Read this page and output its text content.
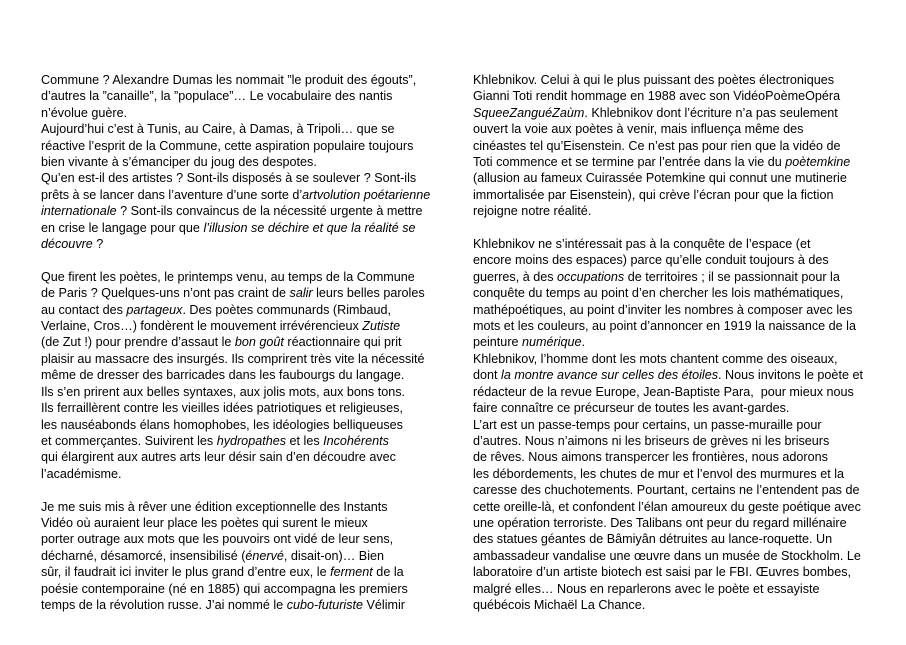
Commune ? Alexandre Dumas les nommait ”le produit des égouts”,
d’autres la ”canaille”, la ”populace”… Le vocabulaire des nantis
n’évolue guère.
Aujourd’hui c’est à Tunis, au Caire, à Damas, à Tripoli… que se
réactive l’esprit de la Commune, cette aspiration populaire toujours
bien vivante à s’émanciper du joug des despotes.
Qu’en est-il des artistes ? Sont-ils disposés à se soulever ? Sont-ils
prêts à se lancer dans l’aventure d’une sorte d’artvolution poétarienne
internationale ? Sont-ils convaincus de la nécessité urgente à mettre
en crise le langage pour que l’illusion se déchire et que la réalité se
découvre ?
Que firent les poètes, le printemps venu, au temps de la Commune
de Paris ? Quelques-uns n’ont pas craint de salir leurs belles paroles
au contact des partageux. Des poètes communards (Rimbaud,
Verlaine, Cros…) fondèrent le mouvement irrévérencieux Zutiste
(de Zut !) pour prendre d’assaut le bon goût réactionnaire qui prit
plaisir au massacre des insurgés. Ils comprirent très vite la nécessité
même de dresser des barricades dans les faubourgs du langage.
Ils s’en prirent aux belles syntaxes, aux jolis mots, aux bons tons.
Ils ferraillèrent contre les vieilles idées patriotiques et religieuses,
les nauséabonds élans homophobes, les idéologies belliqueuses
et commerçantes. Suivirent les hydropathes et les Incohérents
qui élargirent aux autres arts leur désir sain d’en découdre avec
l’académisme.
Je me suis mis à rêver une édition exceptionnelle des Instants
Vidéo où auraient leur place les poètes qui surent le mieux
porter outrage aux mots que les pouvoirs ont vidé de leur sens,
décharné, désamorcé, insensibilisé (énervé, disait-on)… Bien
sûr, il faudrait ici inviter le plus grand d’entre eux, le ferment de la
poésie contemporaine (né en 1885) qui accompagna les premiers
temps de la révolution russe. J’ai nommé le cubo-futuriste Vélimir
Khlebnikov. Celui à qui le plus puissant des poètes électroniques
Gianni Toti rendit hommage en 1988 avec son VidéoPoèmeOpéra
SqueeZanguéZaùm. Khlebnikov dont l’écriture n’a pas seulement
ouvert la voie aux poètes à venir, mais influença même des
cinéastes tel qu’Eisenstein. Ce n’est pas pour rien que la vidéo de
Toti commence et se termine par l’entrée dans la vie du poètemkine
(allusion au fameux Cuirassée Potemkine qui connut une mutinerie
immortalisée par Eisenstein), qui crève l’écran pour que la fiction
rejoigne notre réalité.
Khlebnikov ne s’intéressait pas à la conquête de l’espace (et
encore moins des espaces) parce qu’elle conduit toujours à des
guerres, à des occupations de territoires ; il se passionnait pour la
conquête du temps au point d’en chercher les lois mathématiques,
mathépoétiques, au point d’inviter les nombres à composer avec les
mots et les couleurs, au point d’annoncer en 1919 la naissance de la
peinture numérique.
Khlebnikov, l’homme dont les mots chantent comme des oiseaux,
dont la montre avance sur celles des étoiles. Nous invitons le poète et
rédacteur de la revue Europe, Jean-Baptiste Para,  pour mieux nous
faire connaître ce précurseur de toutes les avant-gardes.
L’art est un passe-temps pour certains, un passe-muraille pour
d’autres. Nous n’aimons ni les briseurs de grèves ni les briseurs
de rêves. Nous aimons transpercer les frontières, nous adorons
les débordements, les chutes de mur et l’envol des murmures et la
caresse des chuchotements. Pourtant, certains ne l’entendent pas de
cette oreille-là, et confondent l’élan amoureux du geste poétique avec
une opération terroriste. Des Talibans ont peur du regard millénaire
des statues géantes de Bâmiyân détruites au lance-roquette. Un
ambassadeur vandalise une œuvre dans un musée de Stockholm. Le
laboratoire d’un artiste biotech est saisi par le FBI. Œuvres bombes,
malgré elles… Nous en reparlerons avec le poète et essayiste
québécois Michaël La Chance.
